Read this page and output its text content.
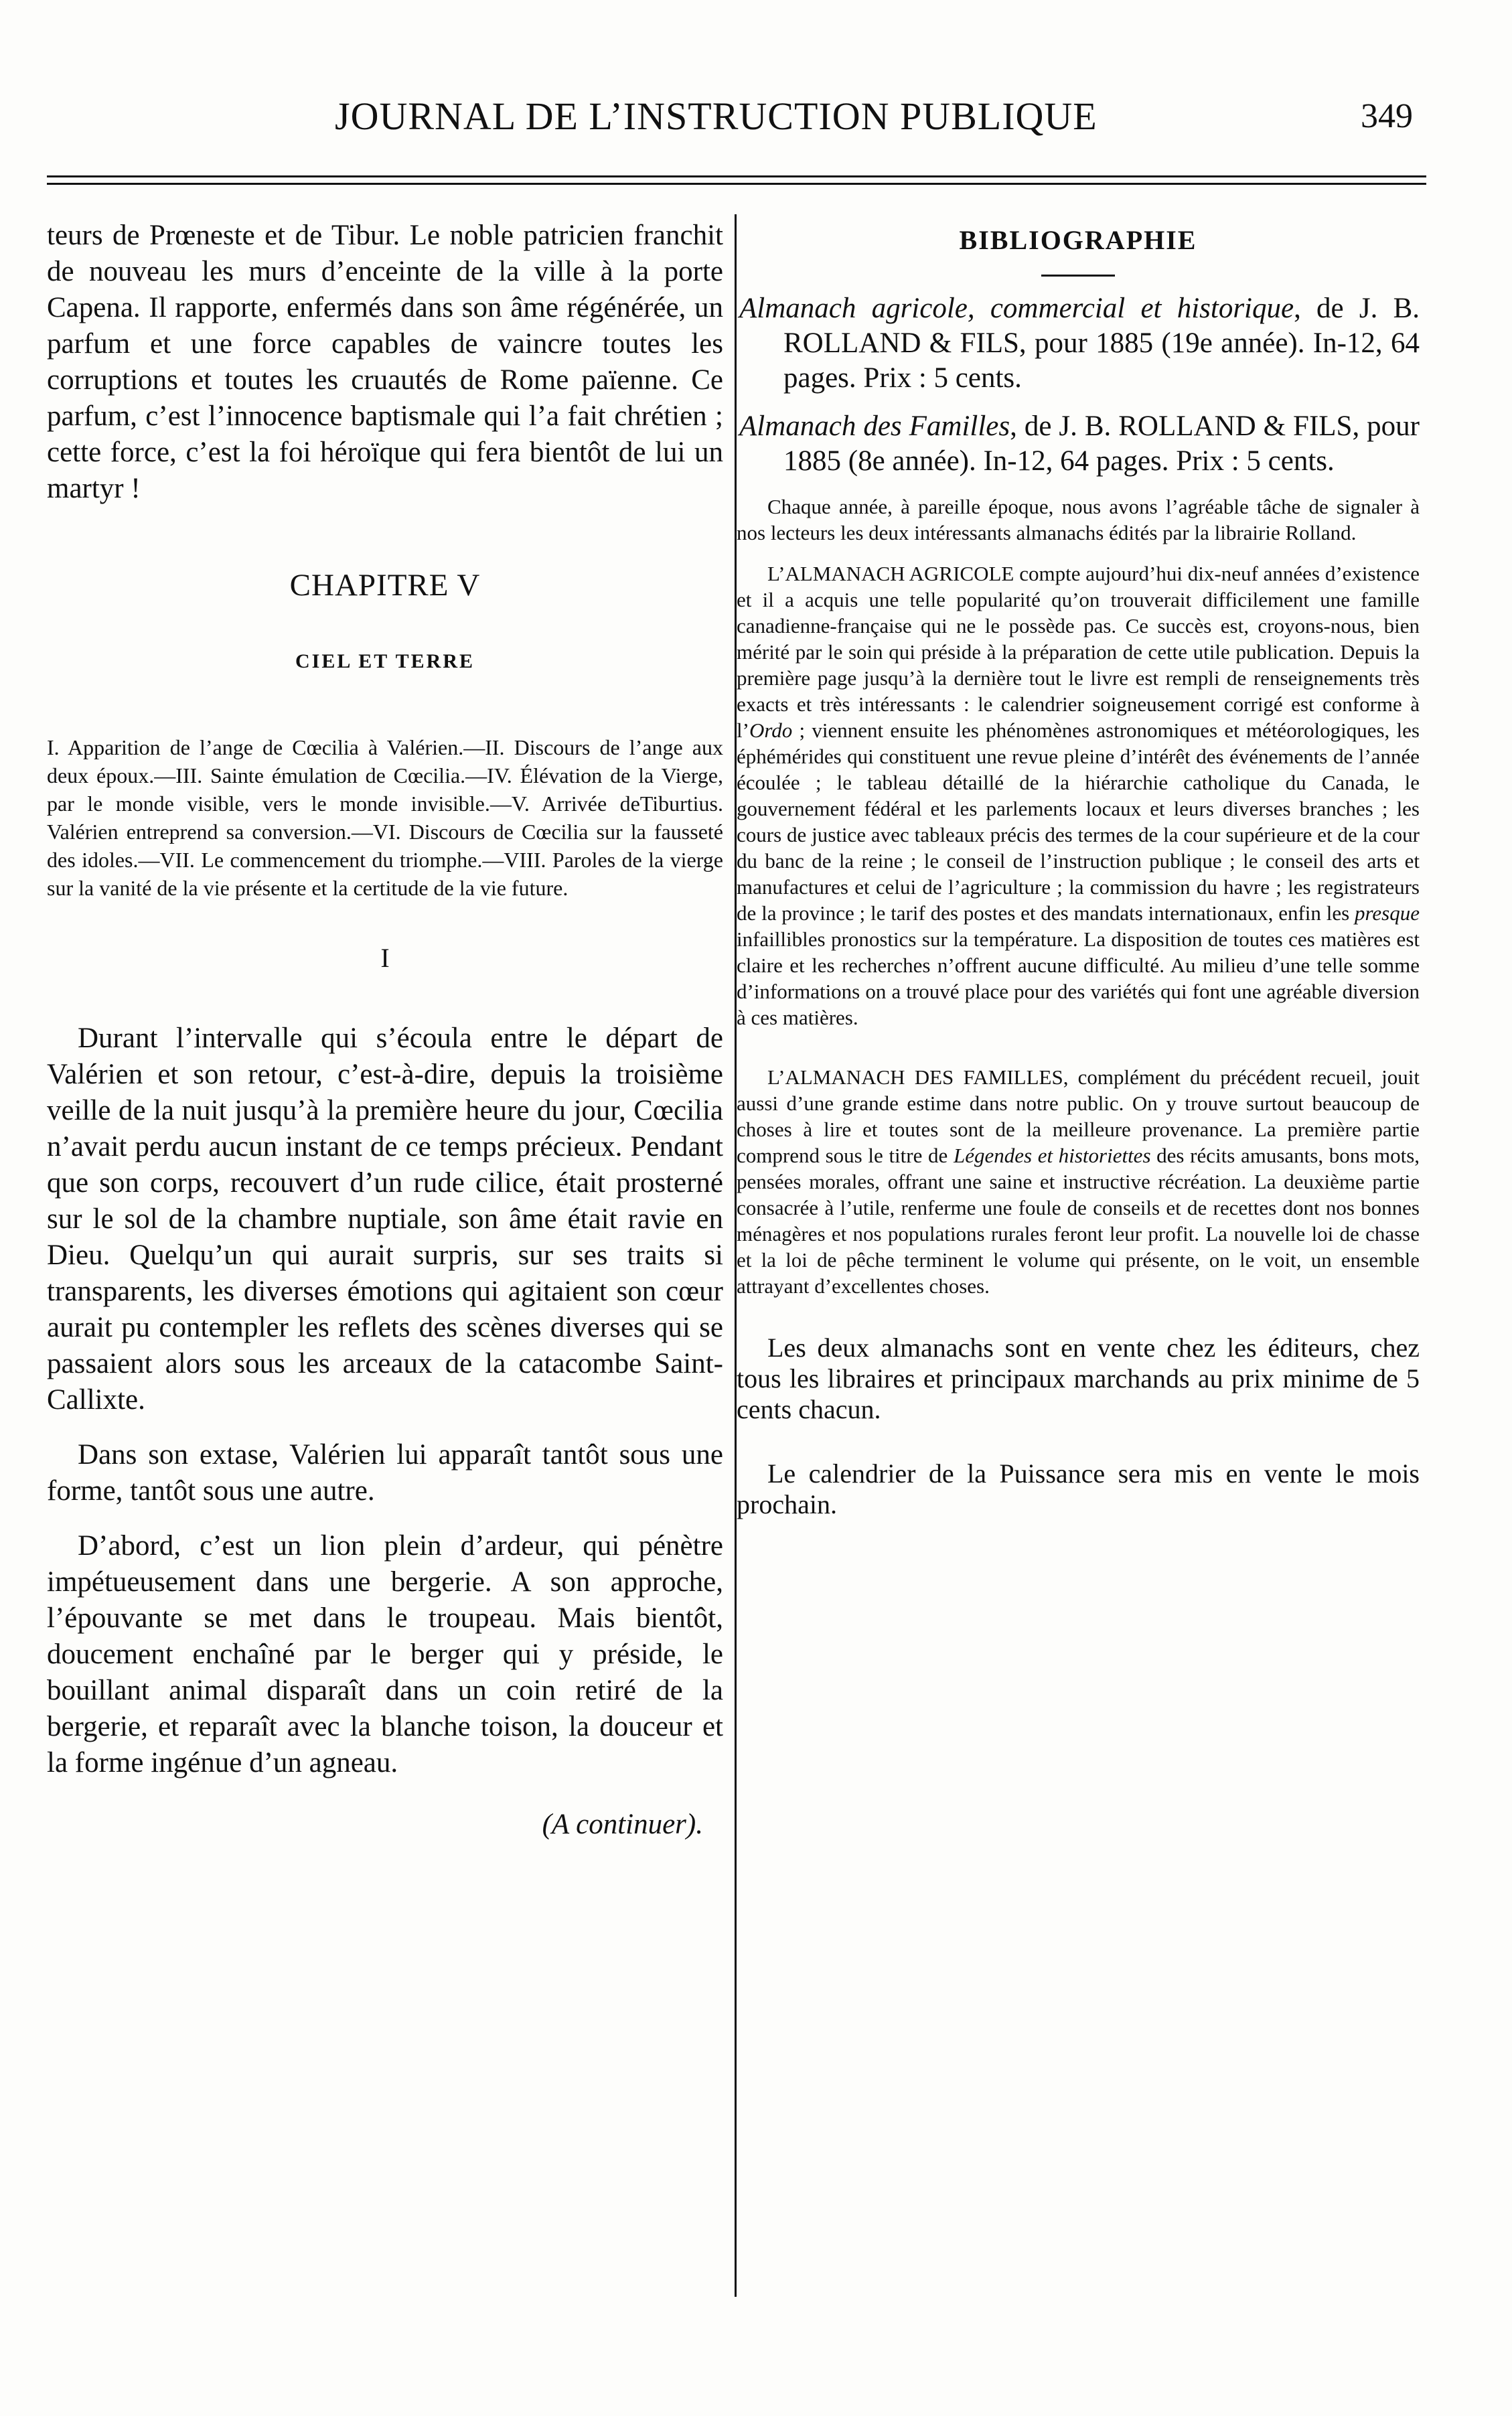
JOURNAL DE L’INSTRUCTION PUBLIQUE	349

teurs de Prœneste et de Tibur. Le noble patricien franchit de nouveau les murs d’enceinte de la ville à la porte Capena. Il rapporte, enfermés dans son âme régénérée, un parfum et une force capables de vaincre toutes les corruptions et toutes les cruautés de Rome païenne. Ce parfum, c’est l’innocence baptismale qui l’a fait chrétien ; cette force, c’est la foi héroïque qui fera bientôt de lui un martyr !

CHAPITRE V
CIEL ET TERRE

I. Apparition de l’ange de Cœcilia à Valérien.—II. Discours de l’ange aux deux époux.—III. Sainte émulation de Cœcilia.—IV. Élévation de la Vierge, par le monde visible, vers le monde invisible.—V. Arrivée deTiburtius. Valérien entreprend sa conversion.—VI. Discours de Cœcilia sur la fausseté des idoles.—VII. Le commencement du triomphe.—VIII. Paroles de la vierge sur la vanité de la vie présente et la certitude de la vie future.

I

Durant l’intervalle qui s’écoula entre le départ de Valérien et son retour, c’est-à-dire, depuis la troisième veille de la nuit jusqu’à la première heure du jour, Cœcilia n’avait perdu aucun instant de ce temps précieux. Pendant que son corps, recouvert d’un rude cilice, était prosterné sur le sol de la chambre nuptiale, son âme était ravie en Dieu. Quelqu’un qui aurait surpris, sur ses traits si transparents, les diverses émotions qui agitaient son cœur aurait pu contempler les reflets des scènes diverses qui se passaient alors sous les arceaux de la catacombe Saint-Callixte.

Dans son extase, Valérien lui apparaît tantôt sous une forme, tantôt sous une autre.

D’abord, c’est un lion plein d’ardeur, qui pénètre impétueusement dans une bergerie. A son approche, l’épouvante se met dans le troupeau. Mais bientôt, doucement enchaîné par le berger qui y préside, le bouillant animal disparaît dans un coin retiré de la bergerie, et reparaît avec la blanche toison, la douceur et la forme ingénue d’un agneau.

(A continuer).
BIBLIOGRAPHIE

Almanach agricole, commercial et historique, de J. B. ROLLAND & FILS, pour 1885 (19e année). In-12, 64 pages. Prix : 5 cents.

Almanach des Familles, de J. B. ROLLAND & FILS, pour 1885 (8e année). In-12, 64 pages. Prix : 5 cents.

Chaque année, à pareille époque, nous avons l’agréable tâche de signaler à nos lecteurs les deux intéressants almanachs édités par la librairie Rolland.

L’ALMANACH AGRICOLE compte aujourd’hui dix-neuf années d’existence et il a acquis une telle popularité qu’on trouverait difficilement une famille canadienne-française qui ne le possède pas. Ce succès est, croyons-nous, bien mérité par le soin qui préside à la préparation de cette utile publication. Depuis la première page jusqu’à la dernière tout le livre est rempli de renseignements très exacts et très intéressants : le calendrier soigneusement corrigé est conforme à l’Ordo ; viennent ensuite les phénomènes astronomiques et météorologiques, les éphémérides qui constituent une revue pleine d’intérêt des événements de l’année écoulée ; le tableau détaillé de la hiérarchie catholique du Canada, le gouvernement fédéral et les parlements locaux et leurs diverses branches ; les cours de justice avec tableaux précis des termes de la cour supérieure et de la cour du banc de la reine ; le conseil de l’instruction publique ; le conseil des arts et manufactures et celui de l’agriculture ; la commission du havre ; les registrateurs de la province ; le tarif des postes et des mandats internationaux, enfin les presque infaillibles pronostics sur la température. La disposition de toutes ces matières est claire et les recherches n’offrent aucune difficulté. Au milieu d’une telle somme d’informations on a trouvé place pour des variétés qui font une agréable diversion à ces matières.

L’ALMANACH DES FAMILLES, complément du précédent recueil, jouit aussi d’une grande estime dans notre public. On y trouve surtout beaucoup de choses à lire et toutes sont de la meilleure provenance. La première partie comprend sous le titre de Légendes et historiettes des récits amusants, bons mots, pensées morales, offrant une saine et instructive récréation. La deuxième partie consacrée à l’utile, renferme une foule de conseils et de recettes dont nos bonnes ménagères et nos populations rurales feront leur profit. La nouvelle loi de chasse et la loi de pêche terminent le volume qui présente, on le voit, un ensemble attrayant d’excellentes choses.

Les deux almanachs sont en vente chez les éditeurs, chez tous les libraires et principaux marchands au prix minime de 5 cents chacun.

Le calendrier de la Puissance sera mis en vente le mois prochain.
